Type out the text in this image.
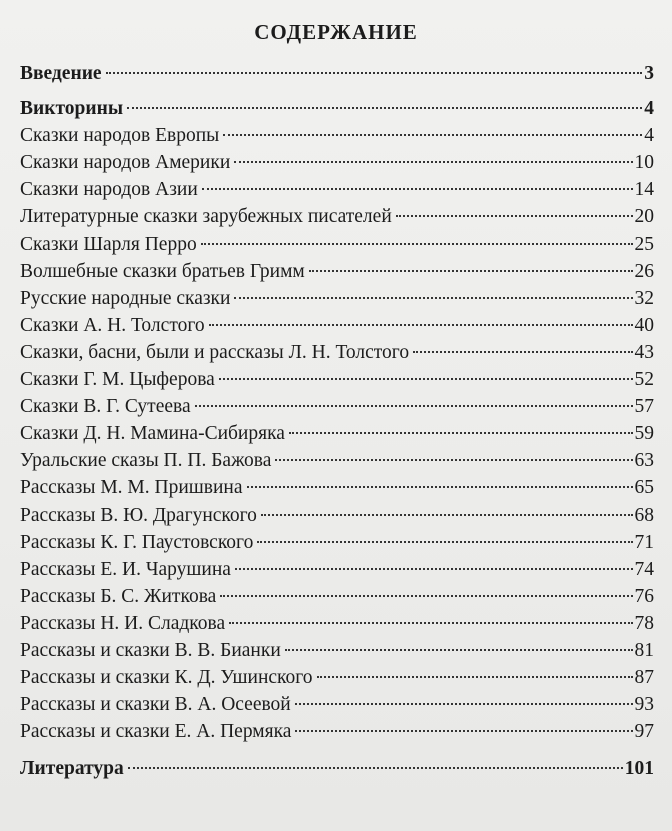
СОДЕРЖАНИЕ
Введение	3
Викторины	4
Сказки народов Европы	4
Сказки народов Америки	10
Сказки народов Азии	14
Литературные сказки зарубежных писателей	20
Сказки Шарля Перро	25
Волшебные сказки братьев Гримм	26
Русские народные сказки	32
Сказки А. Н. Толстого	40
Сказки, басни, были и рассказы Л. Н. Толстого	43
Сказки Г. М. Цыферова	52
Сказки В. Г. Сутеева	57
Сказки Д. Н. Мамина-Сибиряка	59
Уральские сказы П. П. Бажова	63
Рассказы М. М. Пришвина	65
Рассказы В. Ю. Драгунского	68
Рассказы К. Г. Паустовского	71
Рассказы Е. И. Чарушина	74
Рассказы Б. С. Житкова	76
Рассказы Н. И. Сладкова	78
Рассказы и сказки В. В. Бианки	81
Рассказы и сказки К. Д. Ушинского	87
Рассказы и сказки В. А. Осеевой	93
Рассказы и сказки Е. А. Пермяка	97
Литература	101
